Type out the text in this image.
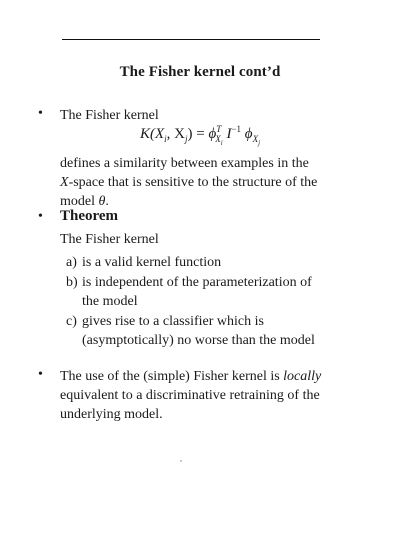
The Fisher kernel cont’d
• The Fisher kernel
$K(X_i$, $X_j) = \phi^T_{X_i}$ $I^{-1}$ $\phi_{X_j}$
defines a similarity between examples in the X-space that is sensitive to the structure of the model θ.
• Theorem
The Fisher kernel
a) is a valid kernel function
b) is independent of the parameterization of the model
c) gives rise to a classifier which is (asymptotically) no worse than the model
• The use of the (simple) Fisher kernel is locally equivalent to a discriminative retraining of the underlying model.
